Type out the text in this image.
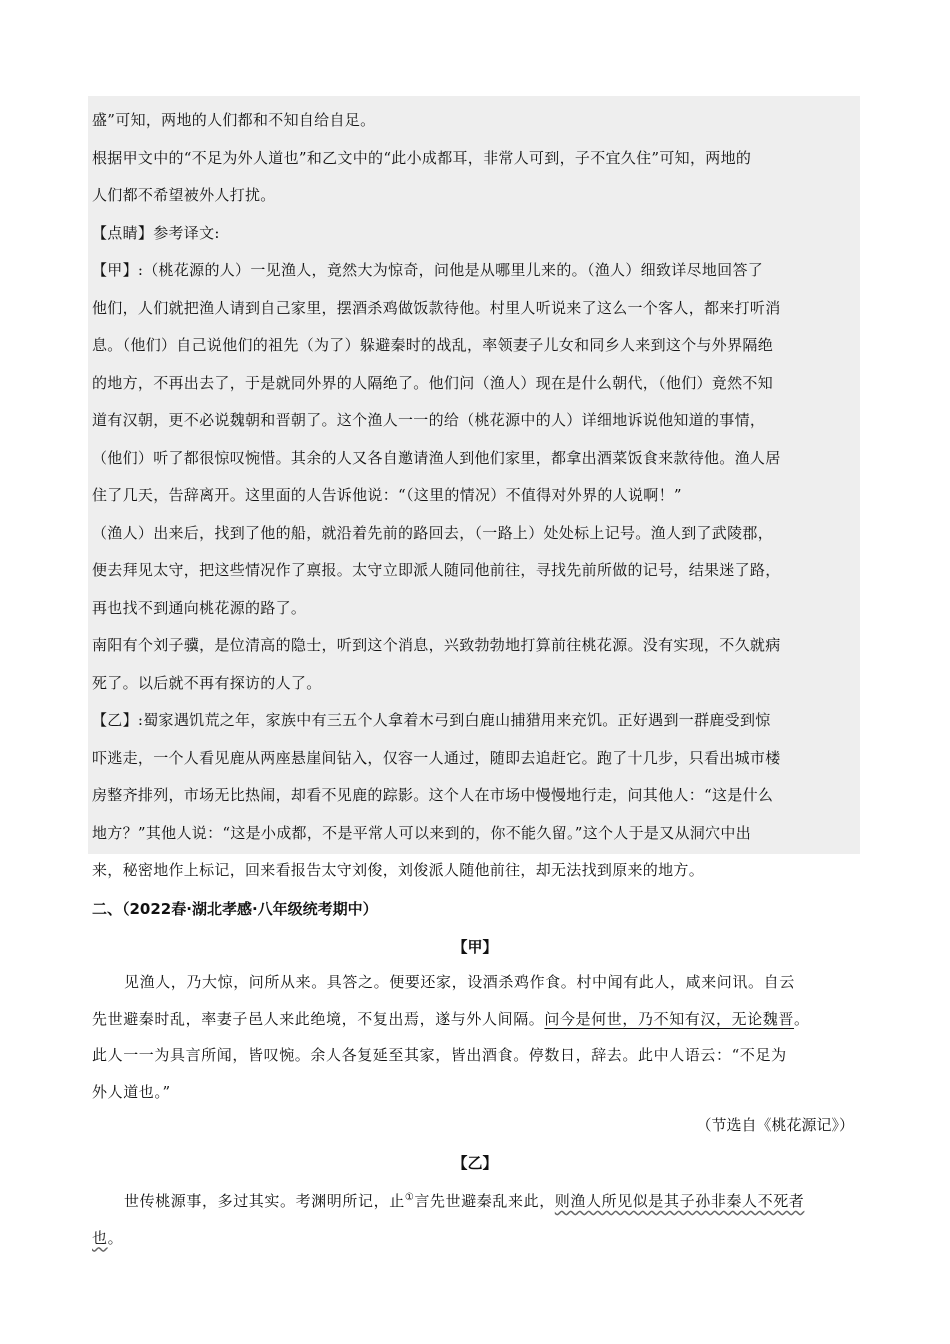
盛”可知，两地的人们都和不知自给自足。

根据甲文中的“不足为外人道也”和乙文中的“此小成都耳，非常人可到，子不宜久住”可知，两地的

人们都不希望被外人打扰。

【点睛】参考译文:

【甲】:（桃花源的人）一见渔人，竟然大为惊奇，问他是从哪里儿来的。（渔人）细致详尽地回答了

他们，人们就把渔人请到自己家里，摆酒杀鸡做饭款待他。村里人听说来了这么一个客人，都来打听消

息。（他们）自己说他们的祖先（为了）躲避秦时的战乱，率领妻子儿女和同乡人来到这个与外界隔绝

的地方，不再出去了，于是就同外界的人隔绝了。他们问（渔人）现在是什么朝代，（他们）竟然不知

道有汉朝，更不必说魏朝和晋朝了。这个渔人一一的给（桃花源中的人）详细地诉说他知道的事情，

（他们）听了都很惊叹惋惜。其余的人又各自邀请渔人到他们家里，都拿出酒菜饭食来款待他。渔人居

住了几天，告辞离开。这里面的人告诉他说：“（这里的情况）不值得对外界的人说啊！”

（渔人）出来后，找到了他的船，就沿着先前的路回去，（一路上）处处标上记号。渔人到了武陵郡，

便去拜见太守，把这些情况作了禀报。太守立即派人随同他前往，寻找先前所做的记号，结果迷了路，

再也找不到通向桃花源的路了。

南阳有个刘子骥，是位清高的隐士，听到这个消息，兴致勃勃地打算前往桃花源。没有实现，不久就病

死了。以后就不再有探访的人了。

【乙】:蜀家遇饥荒之年，家族中有三五个人拿着木弓到白鹿山捕猎用来充饥。正好遇到一群鹿受到惊

吓逃走，一个人看见鹿从两座悬崖间钻入，仅容一人通过，随即去追赶它。跑了十几步，只看出城市楼

房整齐排列，市场无比热闹，却看不见鹿的踪影。这个人在市场中慢慢地行走，问其他人：“这是什么

地方？”其他人说：“这是小成都，不是平常人可以来到的，你不能久留。”这个人于是又从洞穴中出

来，秘密地作上标记，回来看报告太守刘俊，刘俊派人随他前往，却无法找到原来的地方。

二、（2022春·湖北孝感·八年级统考期中）
【甲】
见渔人，乃大惊，问所从来。具答之。便要还家，设酒杀鸡作食。村中闻有此人，咸来问讯。自云
先世避秦时乱，率妻子邑人来此绝境，不复出焉，遂与外人间隔。问今是何世，乃不知有汉，无论魏晋。
此人一一为具言所闻，皆叹惋。余人各复延至其家，皆出酒食。停数日，辞去。此中人语云：“不足为
外人道也。”
（节选自《桃花源记》）
【乙】
世传桃源事，多过其实。考渊明所记，止①言先世避秦乱来此，则渔人所见似是其子孙非秦人不死者
也。
